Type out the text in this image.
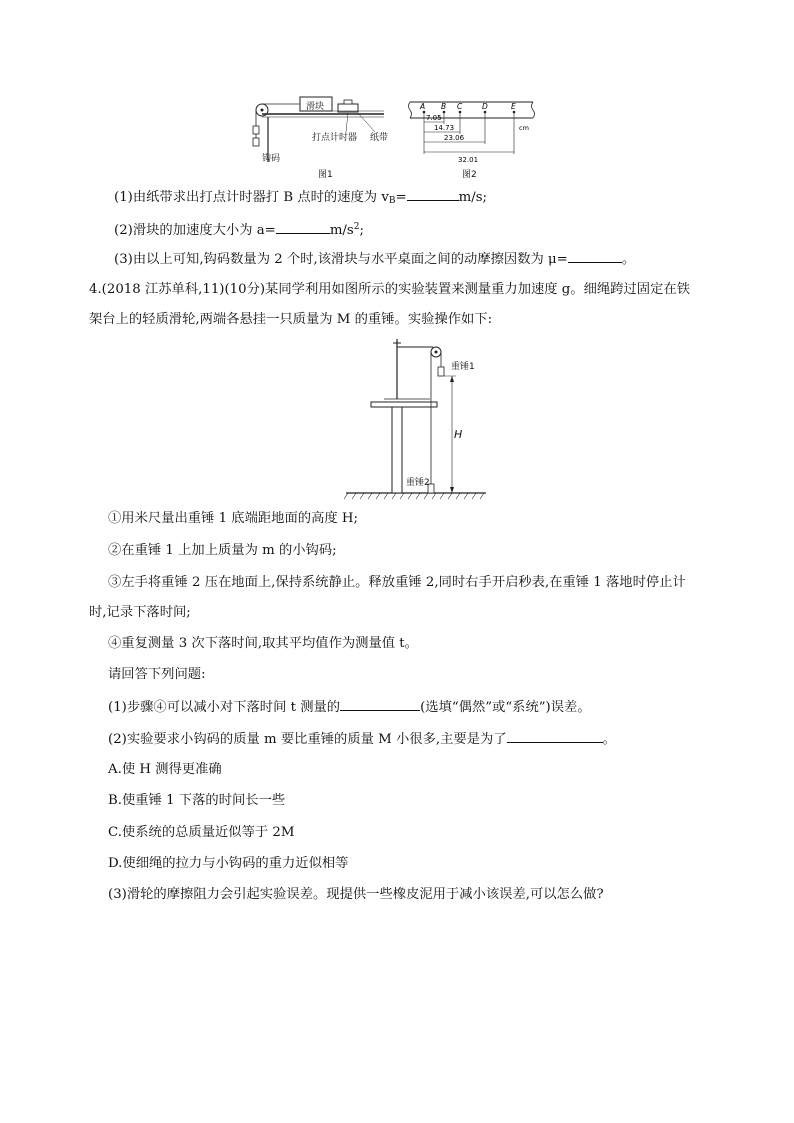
滑块
打点计时器 纸带
钩码
图1
A B C	D	E
7.05
14.73
23.06
32.01
cm
图2
(1)由纸带求出打点计时器打 B 点时的速度为 $v_B=$	m/s;
(2)滑块的加速度大小为 a=	$m/s^2$;
(3)由以上可知,钩码数量为 2 个时,该滑块与水平桌面之间的动摩擦因数为 μ=	。
4.(2018 江苏单科,11)(10分)某同学利用如图所示的实验装置来测量重力加速度 g。细绳跨过固定在铁
架台上的轻质滑轮,两端各悬挂一只质量为 M 的重锤。实验操作如下:
重锤1
重锤2
H
①用米尺量出重锤 1 底端距地面的高度 H;
②在重锤 1 上加上质量为 m 的小钩码;
③左手将重锤 2 压在地面上,保持系统静止。释放重锤 2,同时右手开启秒表,在重锤 1 落地时停止计
时,记录下落时间;
④重复测量 3 次下落时间,取其平均值作为测量值 t。
请回答下列问题:
(1)步骤④可以减小对下落时间 t 测量的	(选填“偶然”或“系统”)误差。
(2)实验要求小钩码的质量 m 要比重锤的质量 M 小很多,主要是为了	。
A.使 H 测得更准确
B.使重锤 1 下落的时间长一些
C.使系统的总质量近似等于 2M
D.使细绳的拉力与小钩码的重力近似相等
(3)滑轮的摩擦阻力会引起实验误差。现提供一些橡皮泥用于减小该误差,可以怎么做?
